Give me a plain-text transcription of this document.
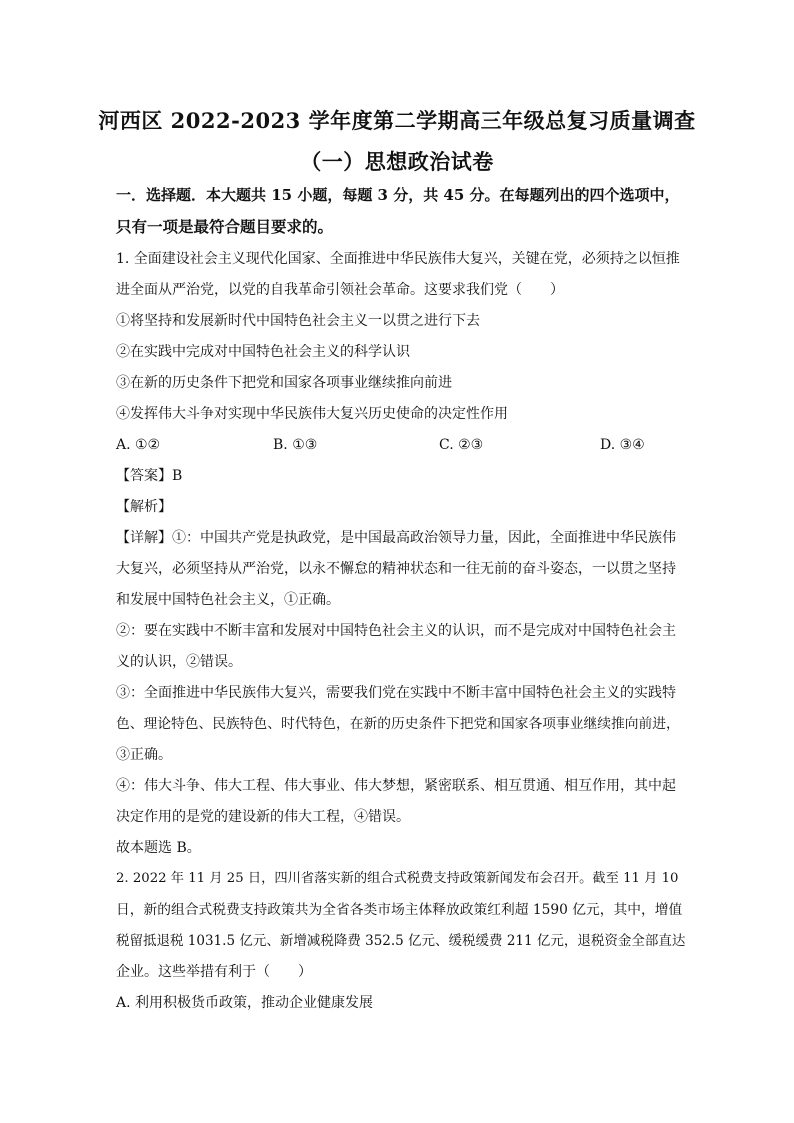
河西区 2022-2023 学年度第二学期高三年级总复习质量调查
（一）思想政治试卷
一．选择题．本大题共 15 小题，每题 3 分，共 45 分。在每题列出的四个选项中，
只有一项是最符合题目要求的。
1. 全面建设社会主义现代化国家、全面推进中华民族伟大复兴，关键在党，必须持之以恒推
进全面从严治党，以党的自我革命引领社会革命。这要求我们党（　　）
①将坚持和发展新时代中国特色社会主义一以贯之进行下去
②在实践中完成对中国特色社会主义的科学认识
③在新的历史条件下把党和国家各项事业继续推向前进
④发挥伟大斗争对实现中华民族伟大复兴历史使命的决定性作用
A. ①②	B. ①③	C. ②③	D. ③④
【答案】B
【解析】
【详解】①：中国共产党是执政党，是中国最高政治领导力量，因此，全面推进中华民族伟
大复兴，必须坚持从严治党，以永不懈怠的精神状态和一往无前的奋斗姿态，一以贯之坚持
和发展中国特色社会主义，①正确。
②：要在实践中不断丰富和发展对中国特色社会主义的认识，而不是完成对中国特色社会主
义的认识，②错误。
③：全面推进中华民族伟大复兴，需要我们党在实践中不断丰富中国特色社会主义的实践特
色、理论特色、民族特色、时代特色，在新的历史条件下把党和国家各项事业继续推向前进，
③正确。
④：伟大斗争、伟大工程、伟大事业、伟大梦想，紧密联系、相互贯通、相互作用，其中起
决定作用的是党的建设新的伟大工程，④错误。
故本题选 B。
2. 2022 年 11 月 25 日，四川省落实新的组合式税费支持政策新闻发布会召开。截至 11 月 10
日，新的组合式税费支持政策共为全省各类市场主体释放政策红利超 1590 亿元，其中，增值
税留抵退税 1031.5 亿元、新增减税降费 352.5 亿元、缓税缓费 211 亿元，退税资金全部直达
企业。这些举措有利于（　　）
A. 利用积极货币政策，推动企业健康发展
